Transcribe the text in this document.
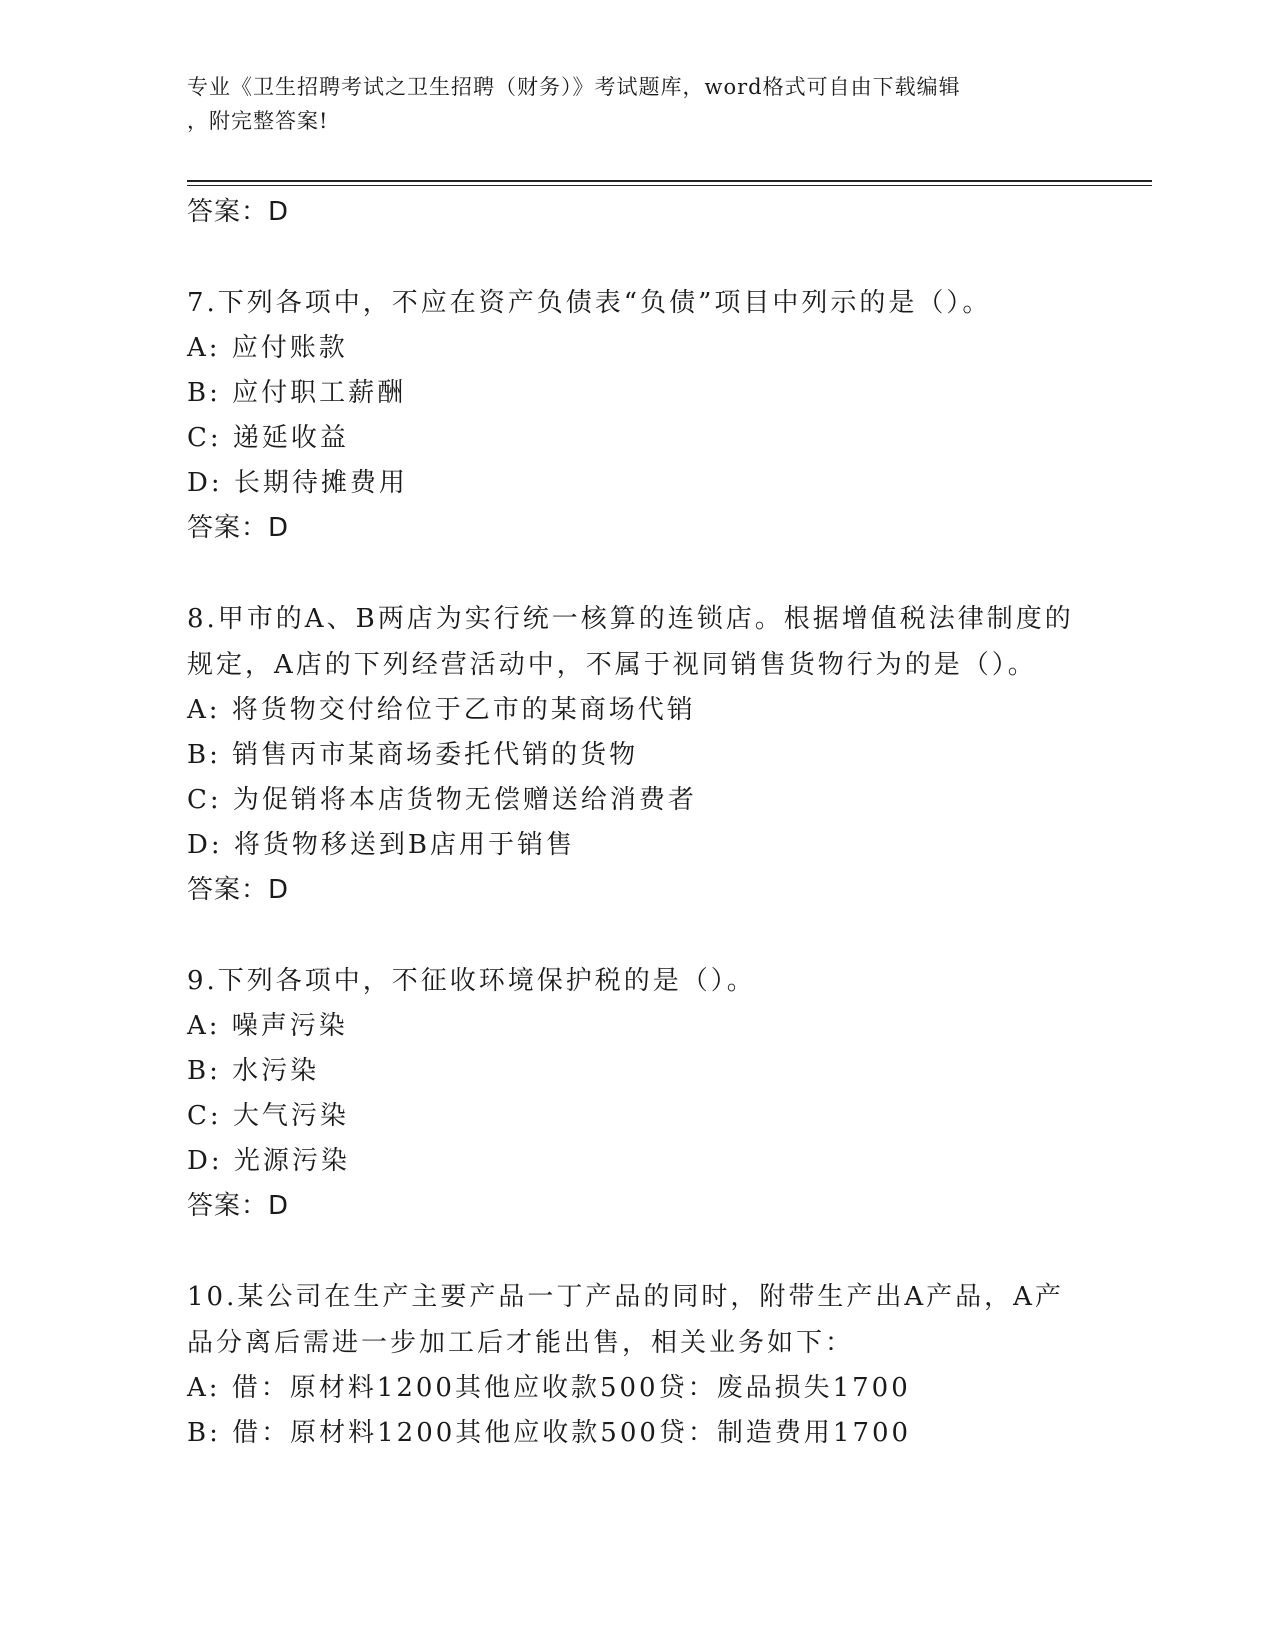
专业《卫生招聘考试之卫生招聘（财务）》考试题库，word格式可自由下载编辑
，附完整答案!

答案：D

7.下列各项中，不应在资产负债表“负债”项目中列示的是（）。

A: 应付账款

B: 应付职工薪酬

C: 递延收益

D: 长期待摊费用

答案：D

8.甲市的A、B两店为实行统一核算的连锁店。根据增值税法律制度的

规定，A店的下列经营活动中，不属于视同销售货物行为的是（）。

A: 将货物交付给位于乙市的某商场代销

B: 销售丙市某商场委托代销的货物

C: 为促销将本店货物无偿赠送给消费者

D: 将货物移送到B店用于销售

答案：D

9.下列各项中，不征收环境保护税的是（）。

A: 噪声污染

B: 水污染

C: 大气污染

D: 光源污染

答案：D

10.某公司在生产主要产品一丁产品的同时，附带生产出A产品，A产

品分离后需进一步加工后才能出售，相关业务如下：

A: 借：原材料1200其他应收款500贷：废品损失1700

B: 借：原材料1200其他应收款500贷：制造费用1700
